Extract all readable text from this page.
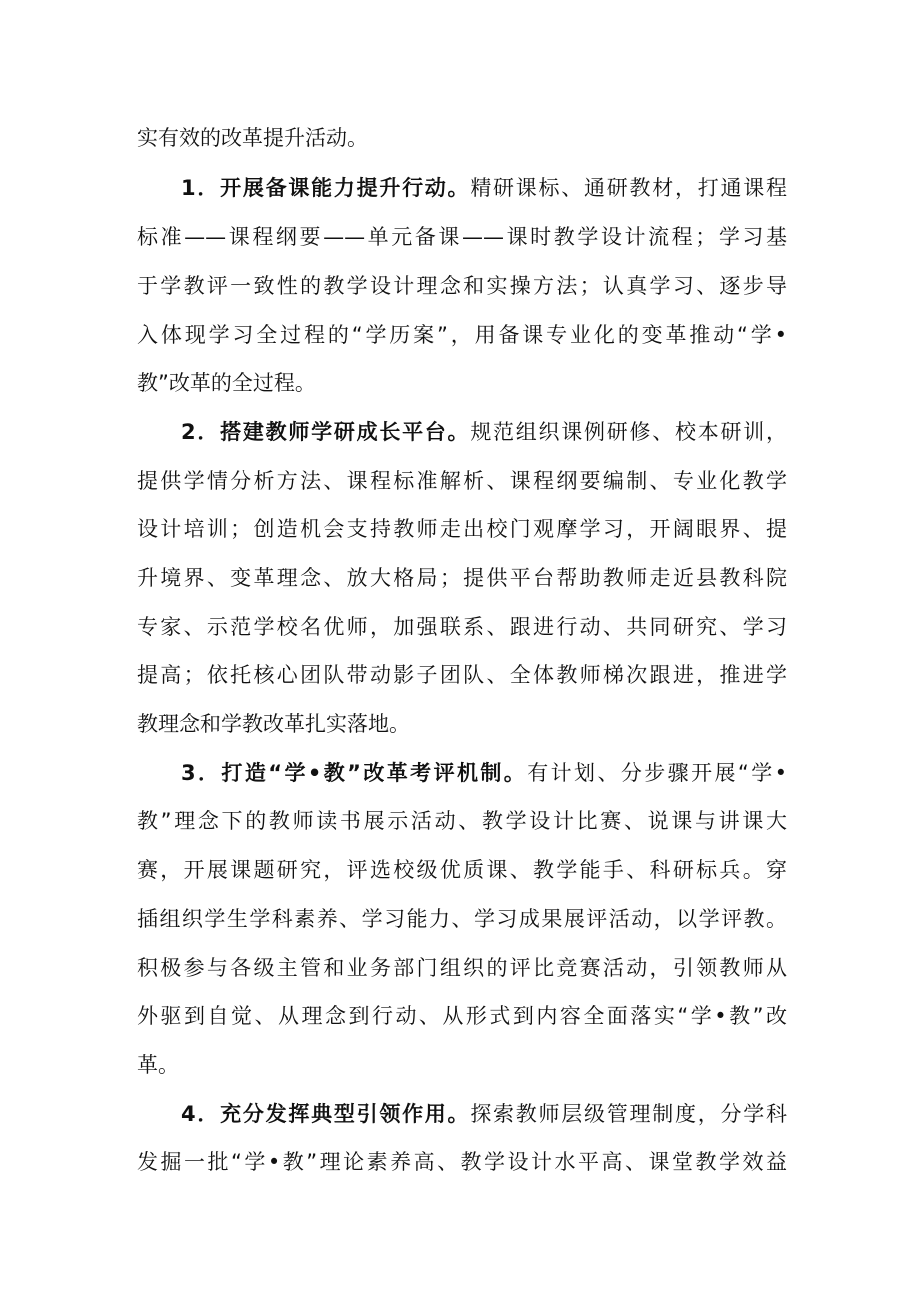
实有效的改革提升活动。
1．开展备课能力提升行动。精研课标、通研教材，打通课程
标准——课程纲要——单元备课——课时教学设计流程；学习基
于学教评一致性的教学设计理念和实操方法；认真学习、逐步导
入体现学习全过程的“学历案”，用备课专业化的变革推动“学•
教”改革的全过程。
2．搭建教师学研成长平台。规范组织课例研修、校本研训，
提供学情分析方法、课程标准解析、课程纲要编制、专业化教学
设计培训；创造机会支持教师走出校门观摩学习，开阔眼界、提
升境界、变革理念、放大格局；提供平台帮助教师走近县教科院
专家、示范学校名优师，加强联系、跟进行动、共同研究、学习
提高；依托核心团队带动影子团队、全体教师梯次跟进，推进学
教理念和学教改革扎实落地。
3．打造“学•教”改革考评机制。有计划、分步骤开展“学•
教”理念下的教师读书展示活动、教学设计比赛、说课与讲课大
赛，开展课题研究，评选校级优质课、教学能手、科研标兵。穿
插组织学生学科素养、学习能力、学习成果展评活动，以学评教。
积极参与各级主管和业务部门组织的评比竞赛活动，引领教师从
外驱到自觉、从理念到行动、从形式到内容全面落实“学•教”改
革。
4．充分发挥典型引领作用。探索教师层级管理制度，分学科
发掘一批“学•教”理论素养高、教学设计水平高、课堂教学效益
